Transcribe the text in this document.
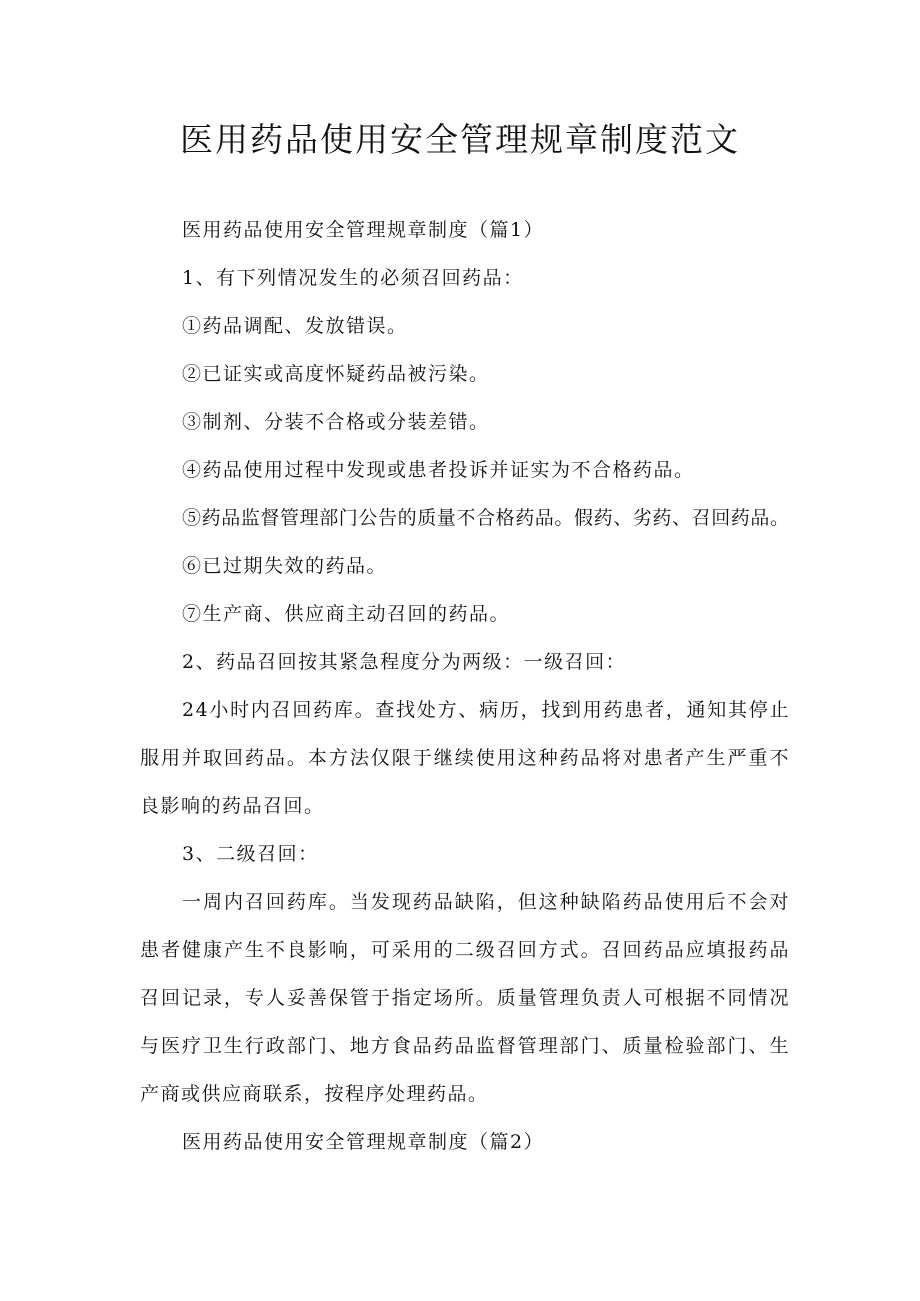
医用药品使用安全管理规章制度范文

医用药品使用安全管理规章制度（篇1）

1、有下列情况发生的必须召回药品：

①药品调配、发放错误。

②已证实或高度怀疑药品被污染。

③制剂、分装不合格或分装差错。

④药品使用过程中发现或患者投诉并证实为不合格药品。

⑤药品监督管理部门公告的质量不合格药品。假药、劣药、召回药品。

⑥已过期失效的药品。

⑦生产商、供应商主动召回的药品。

2、药品召回按其紧急程度分为两级：一级召回：

24小时内召回药库。查找处方、病历，找到用药患者，通知其停止服用并取回药品。本方法仅限于继续使用这种药品将对患者产生严重不良影响的药品召回。

3、二级召回：

一周内召回药库。当发现药品缺陷，但这种缺陷药品使用后不会对患者健康产生不良影响，可采用的二级召回方式。召回药品应填报药品召回记录，专人妥善保管于指定场所。质量管理负责人可根据不同情况与医疗卫生行政部门、地方食品药品监督管理部门、质量检验部门、生产商或供应商联系，按程序处理药品。

医用药品使用安全管理规章制度（篇2）
